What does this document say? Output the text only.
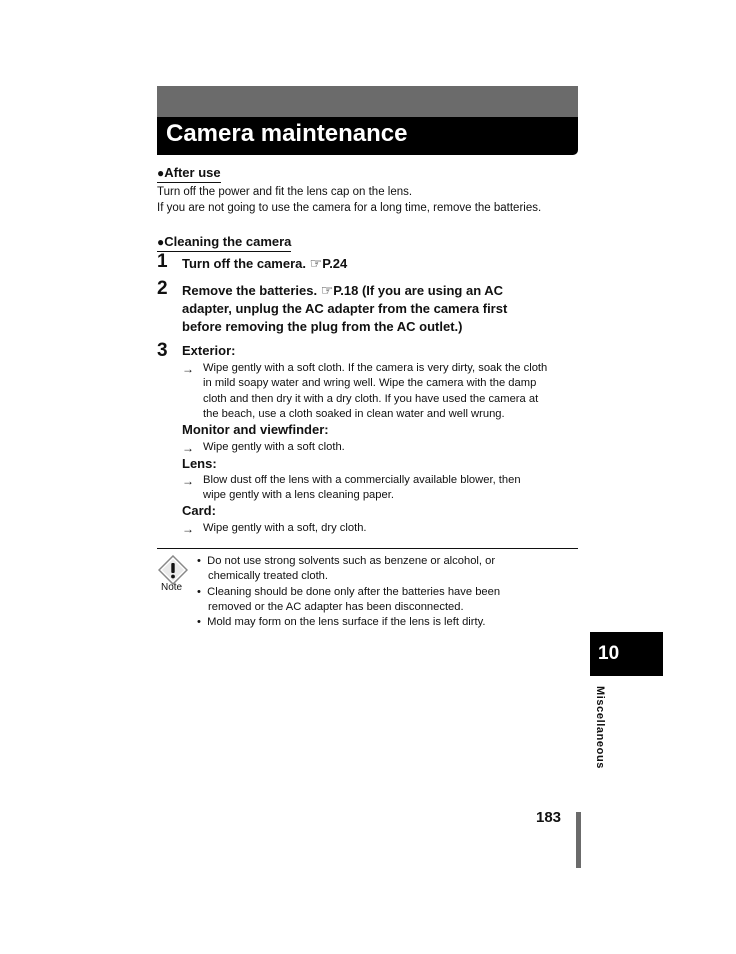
Camera maintenance
●After use
Turn off the power and fit the lens cap on the lens.
If you are not going to use the camera for a long time, remove the batteries.
●Cleaning the camera
1 Turn off the camera. ☞P.24
2 Remove the batteries. ☞P.18 (If you are using an AC
adapter, unplug the AC adapter from the camera first
before removing the plug from the AC outlet.)
3 Exterior:
→ Wipe gently with a soft cloth. If the camera is very dirty, soak the cloth
in mild soapy water and wring well. Wipe the camera with the damp
cloth and then dry it with a dry cloth. If you have used the camera at
the beach, use a cloth soaked in clean water and well wrung.
Monitor and viewfinder:
→ Wipe gently with a soft cloth.
Lens:
→ Blow dust off the lens with a commercially available blower, then
wipe gently with a lens cleaning paper.
Card:
→ Wipe gently with a soft, dry cloth.
Note
• Do not use strong solvents such as benzene or alcohol, or
chemically treated cloth.
• Cleaning should be done only after the batteries have been
removed or the AC adapter has been disconnected.
• Mold may form on the lens surface if the lens is left dirty.
10
Miscellaneous
183
